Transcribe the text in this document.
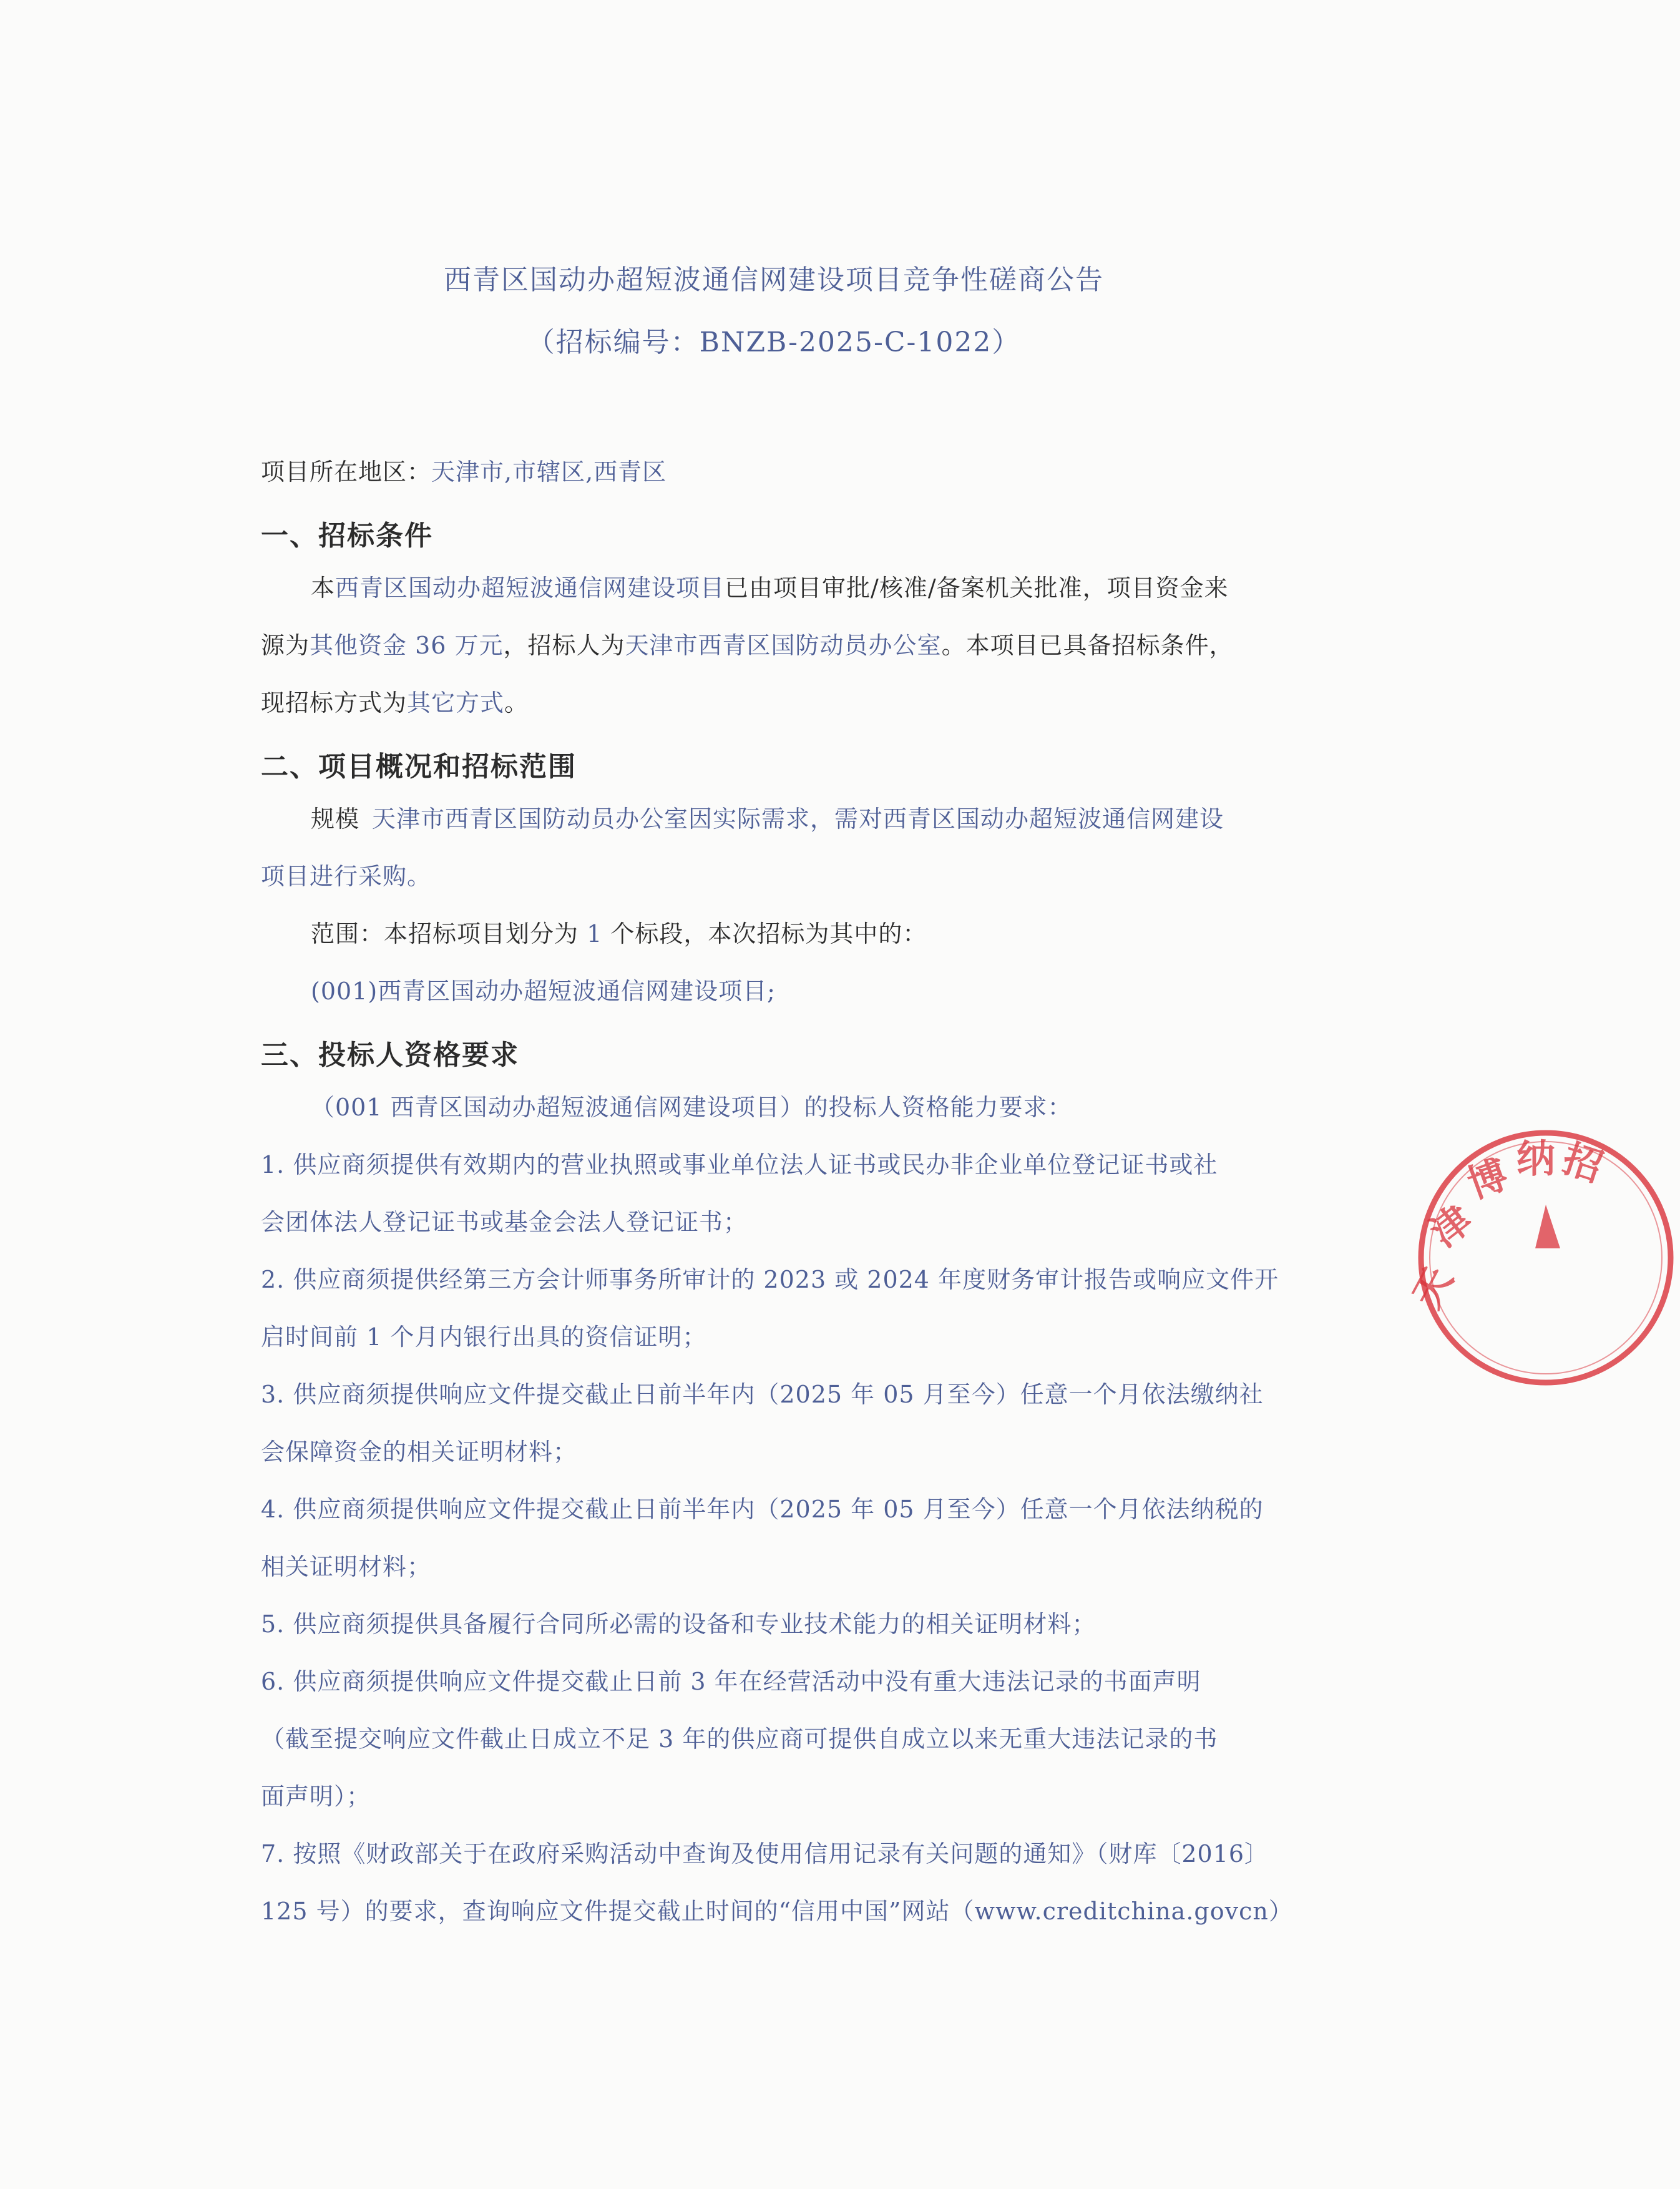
西青区国动办超短波通信网建设项目竞争性磋商公告
（招标编号：BNZB-2025-C-1022）
项目所在地区：天津市,市辖区,西青区
一、招标条件
本西青区国动办超短波通信网建设项目已由项目审批/核准/备案机关批准，项目资金来
源为其他资金 36 万元，招标人为天津市西青区国防动员办公室。本项目已具备招标条件，
现招标方式为其它方式。
二、项目概况和招标范围
规模 天津市西青区国防动员办公室因实际需求，需对西青区国动办超短波通信网建设
项目进行采购。
范围：本招标项目划分为 1 个标段，本次招标为其中的：
(001)西青区国动办超短波通信网建设项目;
三、投标人资格要求
（001 西青区国动办超短波通信网建设项目）的投标人资格能力要求：
1. 供应商须提供有效期内的营业执照或事业单位法人证书或民办非企业单位登记证书或社
会团体法人登记证书或基金会法人登记证书；
2. 供应商须提供经第三方会计师事务所审计的 2023 或 2024 年度财务审计报告或响应文件开
启时间前 1 个月内银行出具的资信证明；
3. 供应商须提供响应文件提交截止日前半年内（2025 年 05 月至今）任意一个月依法缴纳社
会保障资金的相关证明材料；
4. 供应商须提供响应文件提交截止日前半年内（2025 年 05 月至今）任意一个月依法纳税的
相关证明材料；
5. 供应商须提供具备履行合同所必需的设备和专业技术能力的相关证明材料；
6. 供应商须提供响应文件提交截止日前 3 年在经营活动中没有重大违法记录的书面声明
（截至提交响应文件截止日成立不足 3 年的供应商可提供自成立以来无重大违法记录的书
面声明）；
7. 按照《财政部关于在政府采购活动中查询及使用信用记录有关问题的通知》（财库〔2016〕
125 号）的要求，查询响应文件提交截止时间的“信用中国”网站（www.creditchina.govcn）
天
津
博 纳 招
